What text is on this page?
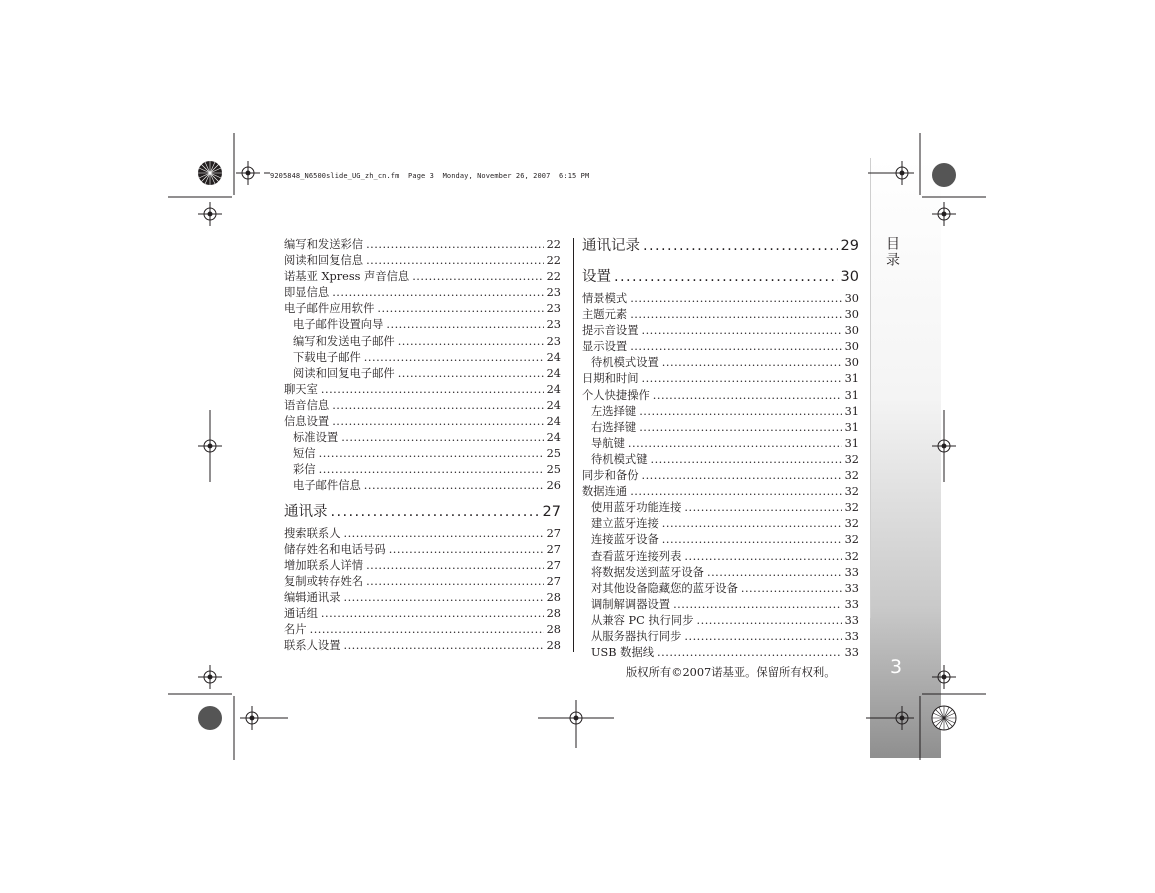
9205848_N6500slide_UG_zh_cn.fm  Page 3  Monday, November 26, 2007  6:15 PM
目录
3
编写和发送彩信 .....	22
阅读和回复信息 .....	22
诺基亚 Xpress 声音信息 .....	22
即显信息 .....	23
电子邮件应用软件 .....	23
电子邮件设置向导 .....	23
编写和发送电子邮件 .....	23
下载电子邮件 .....	24
阅读和回复电子邮件 .....	24
聊天室 .....	24
语音信息 .....	24
信息设置 .....	24
标准设置 .....	24
短信 .....	25
彩信 .....	25
电子邮件信息 .....	26
通讯录 .....	27
搜索联系人 .....	27
储存姓名和电话号码 .....	27
增加联系人详情 .....	27
复制或转存姓名 .....	27
编辑通讯录 .....	28
通话组 .....	28
名片 .....	28
联系人设置 .....	28
通讯记录 .....	29
设置 .....	30
情景模式 .....	30
主题元素 .....	30
提示音设置 .....	30
显示设置 .....	30
待机模式设置 .....	30
日期和时间 .....	31
个人快捷操作 .....	31
左选择键 .....	31
右选择键 .....	31
导航键 .....	31
待机模式键 .....	32
同步和备份 .....	32
数据连通 .....	32
使用蓝牙功能连接 .....	32
建立蓝牙连接 .....	32
连接蓝牙设备 .....	32
查看蓝牙连接列表 .....	32
将数据发送到蓝牙设备 .....	33
对其他设备隐藏您的蓝牙设备 .....	33
调制解调器设置 .....	33
从兼容 PC 执行同步 .....	33
从服务器执行同步 .....	33
USB 数据线 .....	33
版权所有©2007诺基亚。保留所有权利。
